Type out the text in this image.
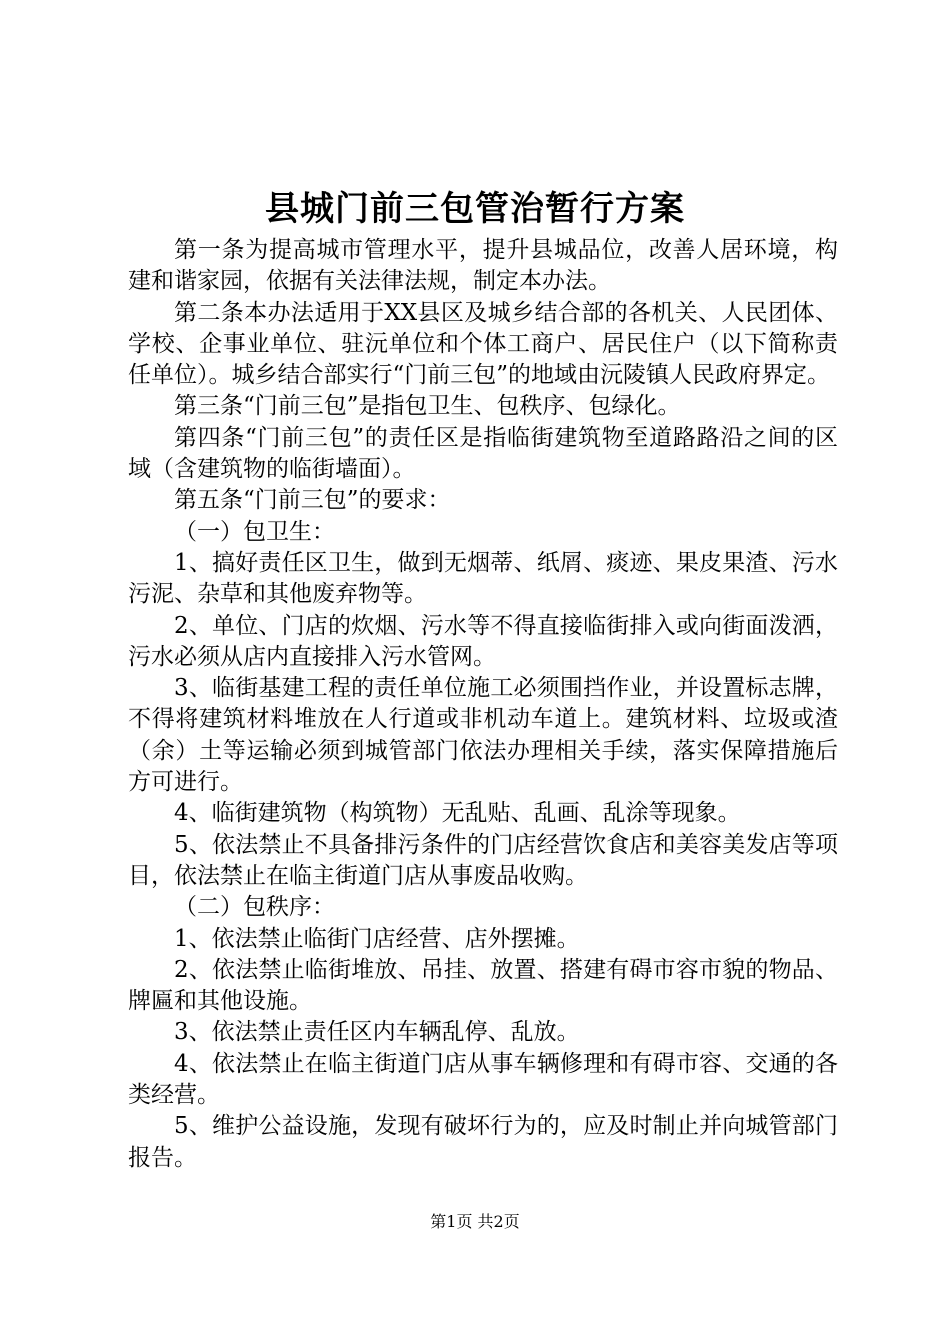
县城门前三包管治暂行方案

第一条为提高城市管理水平，提升县城品位，改善人居环境，构建和谐家园，依据有关法律法规，制定本办法。

第二条本办法适用于XX县区及城乡结合部的各机关、人民团体、学校、企事业单位、驻沅单位和个体工商户、居民住户（以下简称责任单位）。城乡结合部实行“门前三包”的地域由沅陵镇人民政府界定。

第三条“门前三包”是指包卫生、包秩序、包绿化。

第四条“门前三包”的责任区是指临街建筑物至道路路沿之间的区域（含建筑物的临街墙面）。

第五条“门前三包”的要求：

（一）包卫生：

1、搞好责任区卫生，做到无烟蒂、纸屑、痰迹、果皮果渣、污水污泥、杂草和其他废弃物等。

2、单位、门店的炊烟、污水等不得直接临街排入或向街面泼洒，污水必须从店内直接排入污水管网。

3、临街基建工程的责任单位施工必须围挡作业，并设置标志牌，不得将建筑材料堆放在人行道或非机动车道上。建筑材料、垃圾或渣（余）土等运输必须到城管部门依法办理相关手续，落实保障措施后方可进行。

4、临街建筑物（构筑物）无乱贴、乱画、乱涂等现象。

5、依法禁止不具备排污条件的门店经营饮食店和美容美发店等项目，依法禁止在临主街道门店从事废品收购。

（二）包秩序：

1、依法禁止临街门店经营、店外摆摊。

2、依法禁止临街堆放、吊挂、放置、搭建有碍市容市貌的物品、牌匾和其他设施。

3、依法禁止责任区内车辆乱停、乱放。

4、依法禁止在临主街道门店从事车辆修理和有碍市容、交通的各类经营。

5、维护公益设施，发现有破坏行为的，应及时制止并向城管部门报告。

第1页 共2页
